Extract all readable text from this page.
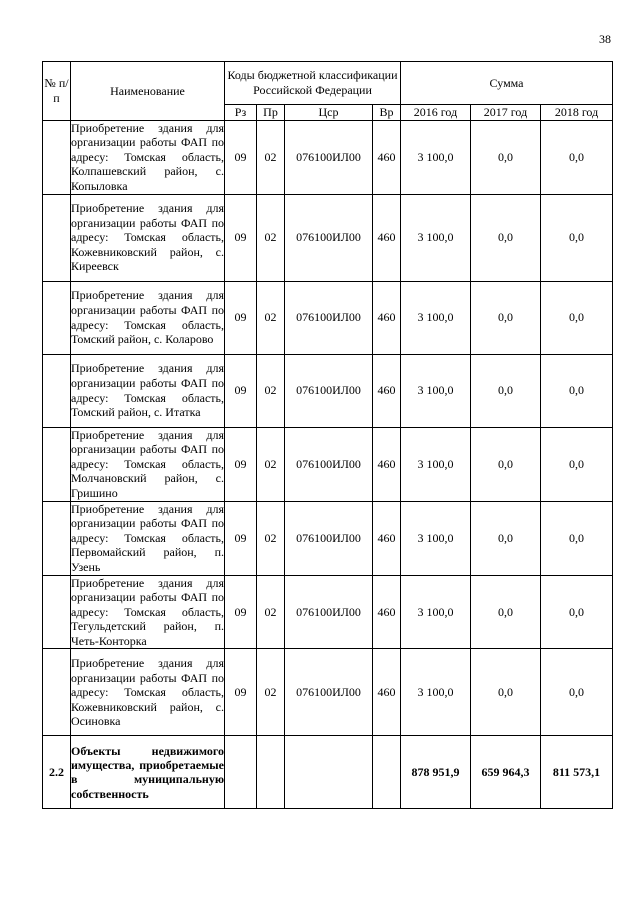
38
№ п/п	Наименование	Коды бюджетной классификации Российской Федерации				Сумма		
		Рз	Пр	Цср	Вр	2016 год	2017 год	2018 год
	Приобретение здания для организации работы ФАП по адресу: Томская область, Колпашевский район, с. Копыловка	09	02	076100ИЛ00	460	3 100,0	0,0	0,0
	Приобретение здания для организации работы ФАП по адресу: Томская область, Кожевниковский район, с. Киреевск	09	02	076100ИЛ00	460	3 100,0	0,0	0,0
	Приобретение здания для организации работы ФАП по адресу: Томская область, Томский район, с. Коларово	09	02	076100ИЛ00	460	3 100,0	0,0	0,0
	Приобретение здания для организации работы ФАП по адресу: Томская область, Томский район, с. Итатка	09	02	076100ИЛ00	460	3 100,0	0,0	0,0
	Приобретение здания для организации работы ФАП по адресу: Томская область, Молчановский район, с. Гришино	09	02	076100ИЛ00	460	3 100,0	0,0	0,0
	Приобретение здания для организации работы ФАП по адресу: Томская область, Первомайский район, п. Узень	09	02	076100ИЛ00	460	3 100,0	0,0	0,0
	Приобретение здания для организации работы ФАП по адресу: Томская область, Тегульдетский район, п. Четь-Конторка	09	02	076100ИЛ00	460	3 100,0	0,0	0,0
	Приобретение здания для организации работы ФАП по адресу: Томская область, Кожевниковский район, с. Осиновка	09	02	076100ИЛ00	460	3 100,0	0,0	0,0
2.2	Объекты недвижимого имущества, приобретаемые в муниципальную собственность					878 951,9	659 964,3	811 573,1
